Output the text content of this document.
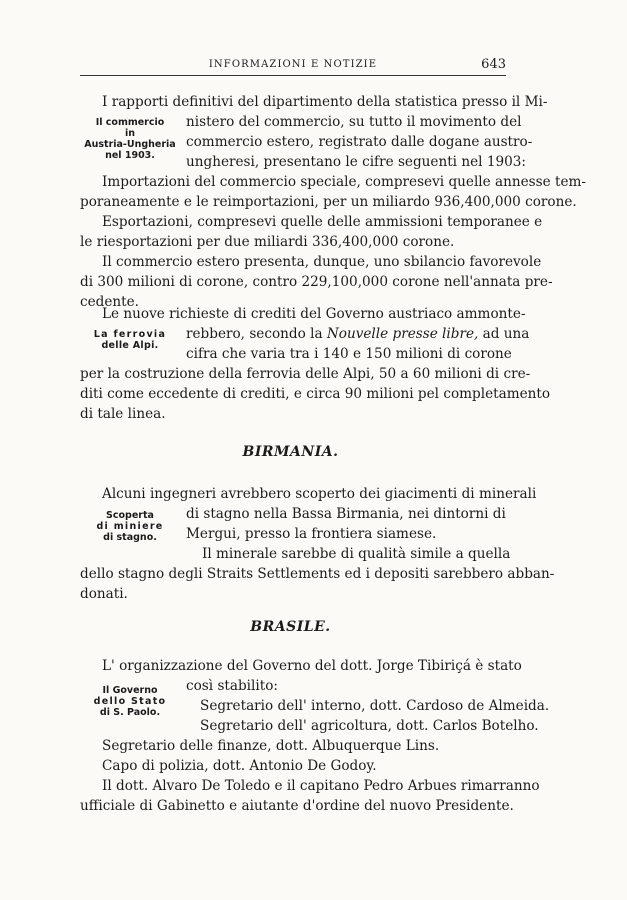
INFORMAZIONI E NOTIZIE	643
Il commercio
in
Austria-Ungheria
nel 1903.
I rapporti definitivi del dipartimento della statistica presso il Mi-
nistero del commercio, su tutto il movimento del
commercio estero, registrato dalle dogane austro-
ungheresi, presentano le cifre seguenti nel 1903:
Importazioni del commercio speciale, compresevi quelle annesse tem-
poraneamente e le reimportazioni, per un miliardo 936,400,000 corone.
Esportazioni, compresevi quelle delle ammissioni temporanee e
le riesportazioni per due miliardi 336,400,000 corone.
Il commercio estero presenta, dunque, uno sbilancio favorevole
di 300 milioni di corone, contro 229,100,000 corone nell'annata pre-
cedente.
La ferrovia
delle Alpi.
Le nuove richieste di crediti del Governo austriaco ammonte-
rebbero, secondo la Nouvelle presse libre, ad una
cifra che varia tra i 140 e 150 milioni di corone
per la costruzione della ferrovia delle Alpi, 50 a 60 milioni di cre-
diti come eccedente di crediti, e circa 90 milioni pel completamento
di tale linea.
BIRMANIA.
Scoperta
di miniere
di stagno.
Alcuni ingegneri avrebbero scoperto dei giacimenti di minerali
di stagno nella Bassa Birmania, nei dintorni di
Mergui, presso la frontiera siamese.
Il minerale sarebbe di qualità simile a quella
dello stagno degli Straits Settlements ed i depositi sarebbero abban-
donati.
BRASILE.
Il Governo
dello Stato
di S. Paolo.
L' organizzazione del Governo del dott. Jorge Tibiriçá è stato
così stabilito:
Segretario dell' interno, dott. Cardoso de Almeida.
Segretario dell' agricoltura, dott. Carlos Botelho.
Segretario delle finanze, dott. Albuquerque Lins.
Capo di polizia, dott. Antonio De Godoy.
Il dott. Alvaro De Toledo e il capitano Pedro Arbues rimarranno
ufficiale di Gabinetto e aiutante d'ordine del nuovo Presidente.
